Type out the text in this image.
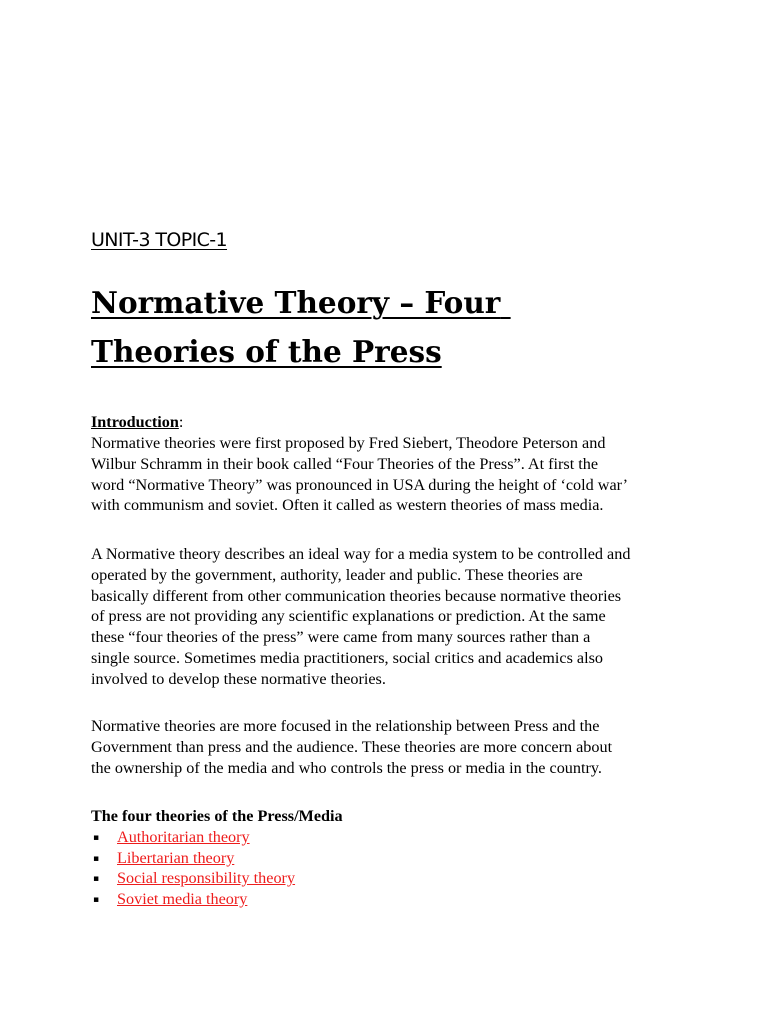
UNIT-3 TOPIC-1
Normative Theory – Four Theories of the Press
Introduction:

Normative theories were first proposed by Fred Siebert, Theodore Peterson and
Wilbur Schramm in their book called “Four Theories of the Press”. At first the
word “Normative Theory” was pronounced in USA during the height of ‘cold war’
with communism and soviet. Often it called as western theories of mass media.

A Normative theory describes an ideal way for a media system to be controlled and
operated by the government, authority, leader and public. These theories are
basically different from other communication theories because normative theories
of press are not providing any scientific explanations or prediction. At the same
these “four theories of the press” were came from many sources rather than a
single source. Sometimes media practitioners, social critics and academics also
involved to develop these normative theories.

Normative theories are more focused in the relationship between Press and the
Government than press and the audience. These theories are more concern about
the ownership of the media and who controls the press or media in the country.

The four theories of the Press/Media
▪ Authoritarian theory
▪ Libertarian theory
▪ Social responsibility theory
▪ Soviet media theory
